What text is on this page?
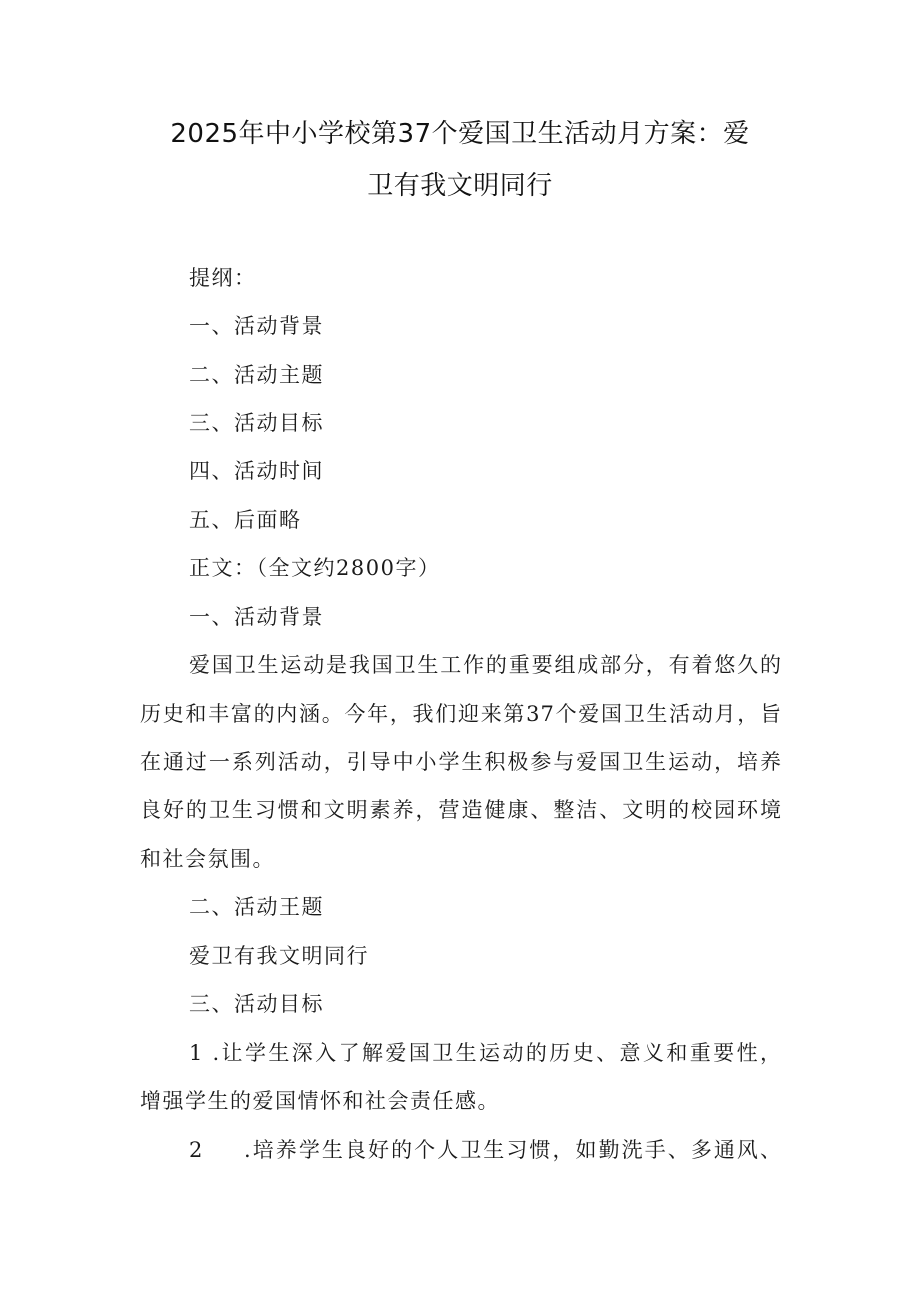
2025年中小学校第37个爱国卫生活动月方案：爱
卫有我文明同行
提纲：
一、活动背景
二、活动主题
三、活动目标
四、活动时间
五、后面略
正文：（全文约2800字）
一、活动背景
爱国卫生运动是我国卫生工作的重要组成部分，有着悠久的
历史和丰富的内涵。今年，我们迎来第37个爱国卫生活动月，旨
在通过一系列活动，引导中小学生积极参与爱国卫生运动，培养
良好的卫生习惯和文明素养，营造健康、整洁、文明的校园环境
和社会氛围。
二、活动王题
爱卫有我文明同行
三、活动目标
1 .让学生深入了解爱国卫生运动的历史、意义和重要性，
增强学生的爱国情怀和社会责任感。
2 .培养学生良好的个人卫生习惯，如勤洗手、多通风、
